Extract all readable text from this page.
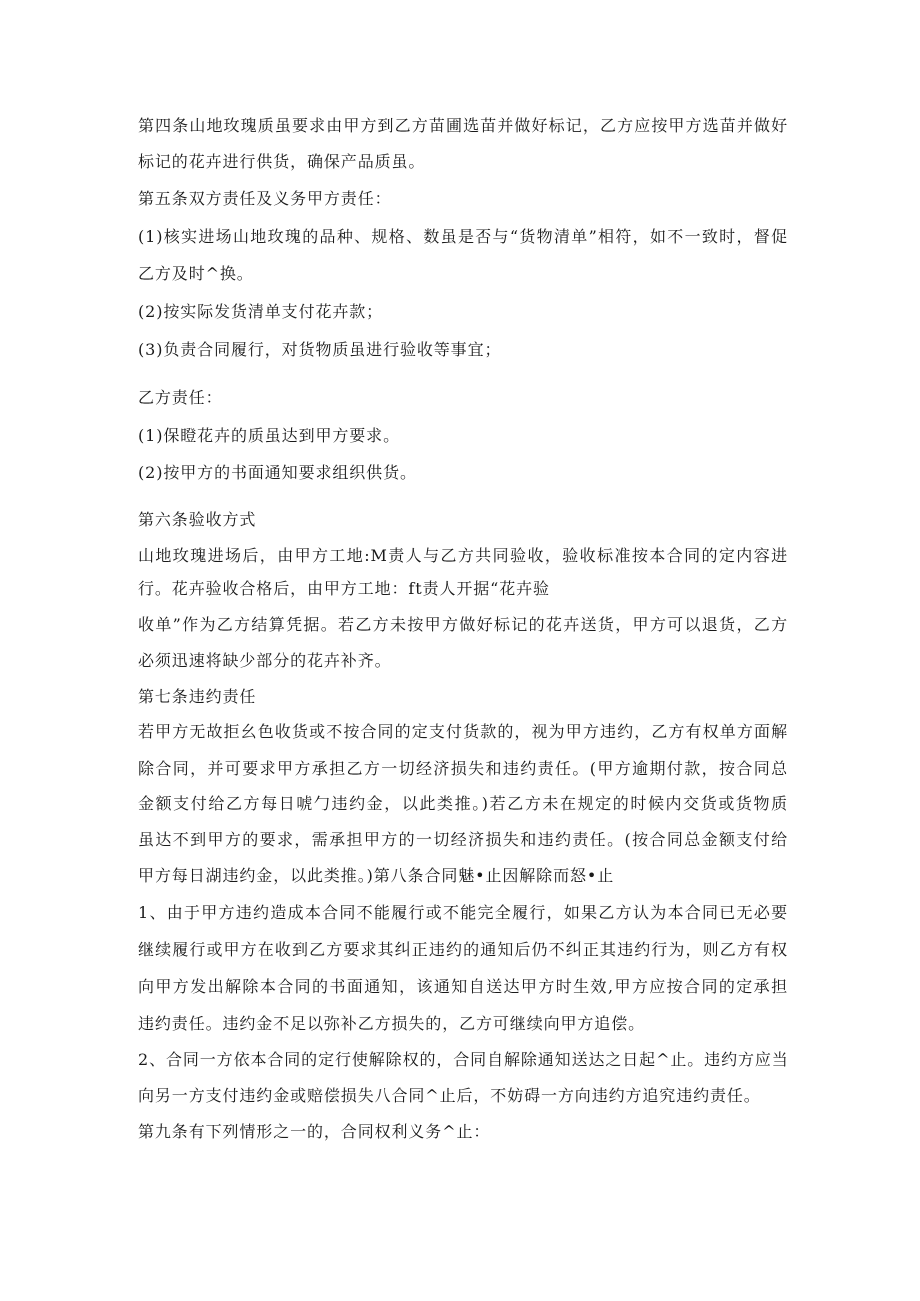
第四条山地玫瑰质虽要求由甲方到乙方苗圃选苗并做好标记，乙方应按甲方选苗并做好
标记的花卉进行供货，确保产品质虽。
第五条双方责任及义务甲方责任：
(1)核实进场山地玫瑰的品种、规格、数虽是否与“货物清单”相符，如不一致时，督促
乙方及时^换。
(2)按实际发货清单支付花卉款；
(3)负责合同履行，对货物质虽进行验收等事宜；
乙方责任：
(1)保瞪花卉的质虽达到甲方要求。
(2)按甲方的书面通知要求组织供货。
第六条验收方式
山地玫瑰进场后，由甲方工地:M责人与乙方共同验收，验收标准按本合同的定内容进
行。花卉验收合格后，由甲方工地：ft责人开据“花卉验
收单”作为乙方结算凭据。若乙方未按甲方做好标记的花卉送货，甲方可以退货，乙方
必须迅速将缺少部分的花卉补齐。
第七条违约责任
若甲方无故拒幺色收货或不按合同的定支付货款的，视为甲方违约，乙方有权单方面解
除合同，并可要求甲方承担乙方一切经济损失和违约责任。(甲方逾期付款，按合同总
金额支付给乙方每日唬勹违约金，以此类推。)若乙方未在规定的时候内交货或货物质
虽达不到甲方的要求，需承担甲方的一切经济损失和违约责任。(按合同总金额支付给
甲方每日湖违约金，以此类推。)第八条合同魅•止因解除而怒•止
1、由于甲方违约造成本合同不能履行或不能完全履行，如果乙方认为本合同已无必要
继续履行或甲方在收到乙方要求其纠正违约的通知后仍不纠正其违约行为，则乙方有权
向甲方发出解除本合同的书面通知，该通知自送达甲方时生效,甲方应按合同的定承担
违约责任。违约金不足以弥补乙方损失的，乙方可继续向甲方追偿。
2、合同一方依本合同的定行使解除权的，合同自解除通知送达之日起^止。违约方应当
向另一方支付违约金或赔偿损失八合同^止后，不妨碍一方向违约方追究违约责任。
第九条有下列情形之一的，合同权利义务^止：
